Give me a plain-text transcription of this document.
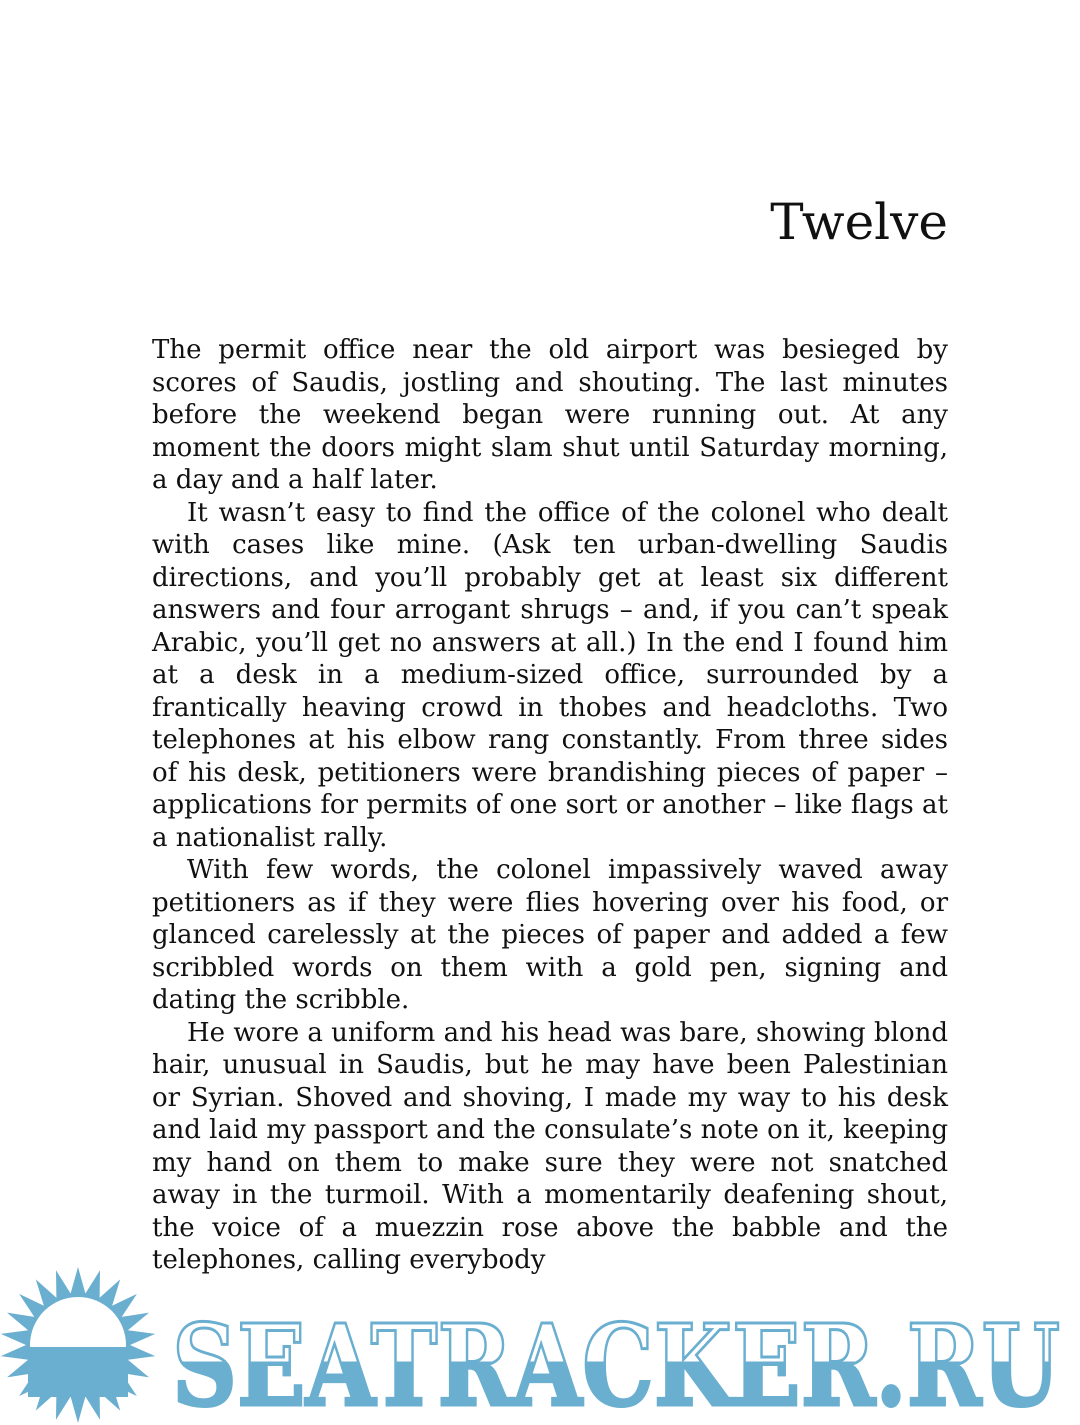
Twelve

The permit office near the old airport was besieged by scores of Saudis, jostling and shouting. The last minutes before the weekend began were running out. At any moment the doors might slam shut until Saturday morning, a day and a half later.

It wasn’t easy to find the office of the colonel who dealt with cases like mine. (Ask ten urban-dwelling Saudis directions, and you’ll probably get at least six different answers and four arrogant shrugs – and, if you can’t speak Arabic, you’ll get no answers at all.) In the end I found him at a desk in a medium-sized office, surrounded by a frantically heaving crowd in thobes and headcloths. Two telephones at his elbow rang constantly. From three sides of his desk, petitioners were brandishing pieces of paper – applications for permits of one sort or another – like flags at a nationalist rally.

With few words, the colonel impassively waved away petitioners as if they were flies hovering over his food, or glanced carelessly at the pieces of paper and added a few scribbled words on them with a gold pen, signing and dating the scribble.

He wore a uniform and his head was bare, showing blond hair, unusual in Saudis, but he may have been Palestinian or Syrian. Shoved and shoving, I made my way to his desk and laid my passport and the consulate’s note on it, keeping my hand on them to make sure they were not snatched away in the turmoil. With a momentarily deafening shout, the voice of a muezzin rose above the babble and the telephones, calling everybody

SEATRACKER.RU
